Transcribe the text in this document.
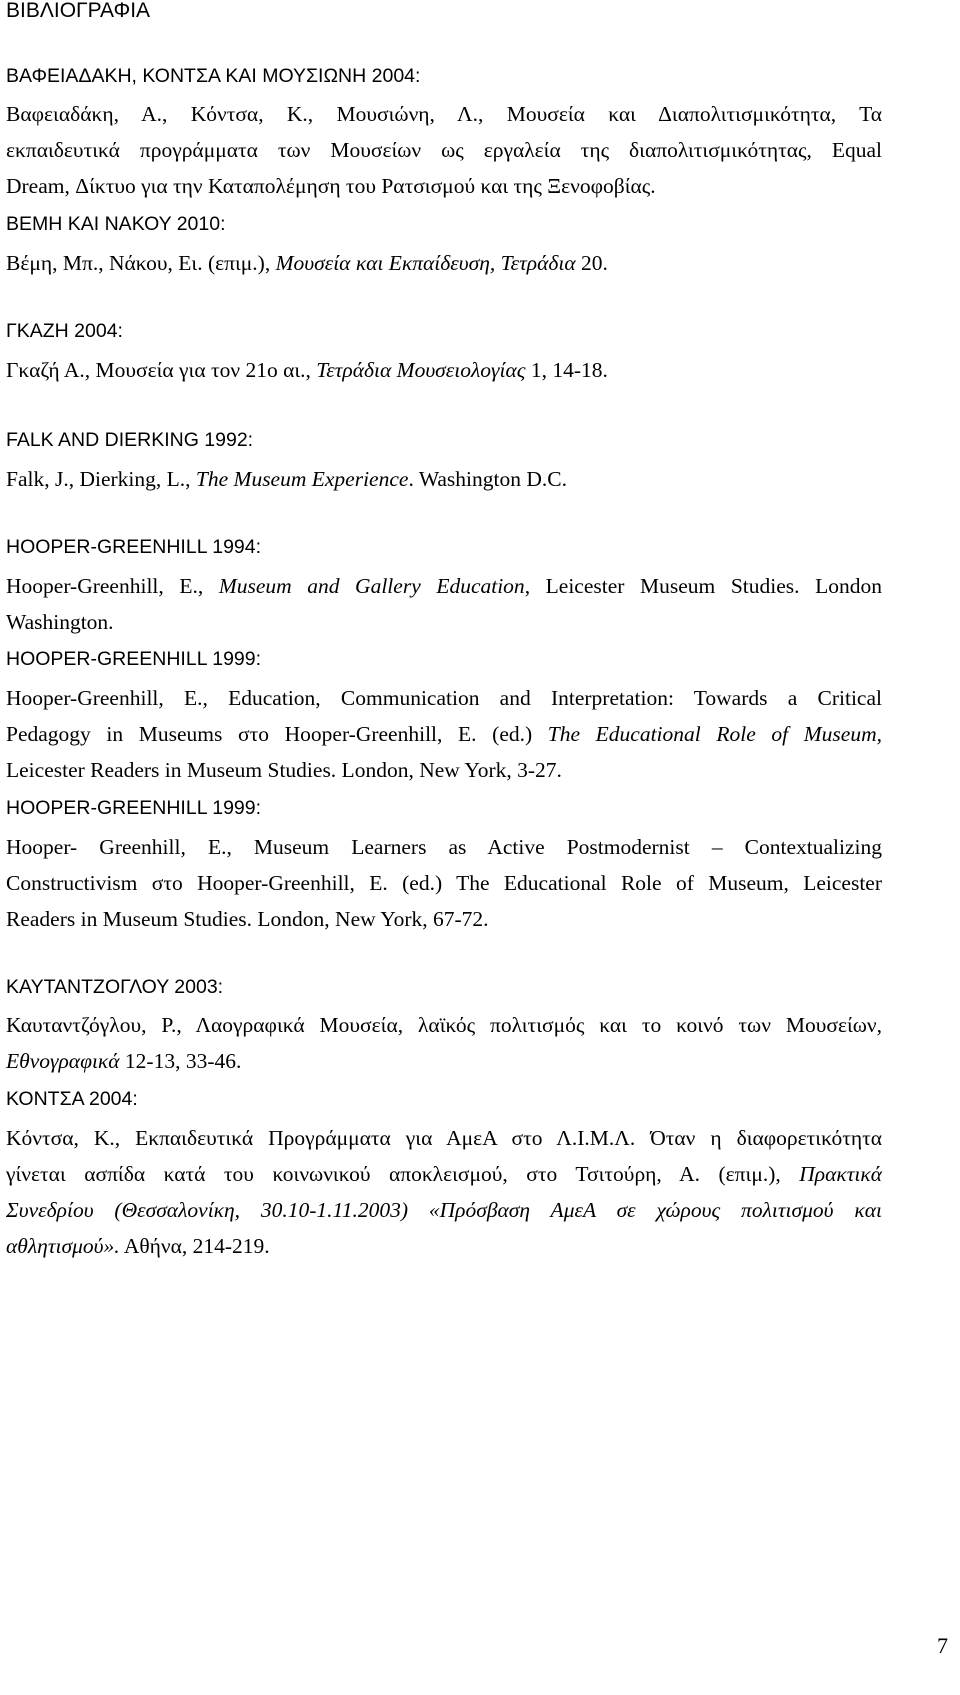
ΒΙΒΛΙΟΓΡΑΦΙΑ
ΒΑΦΕΙΑΔΑΚΗ, ΚΟΝΤΣΑ ΚΑΙ ΜΟΥΣΙΩΝΗ 2004:
Βαφειαδάκη, Α., Κόντσα, Κ., Μουσιώνη, Λ., Μουσεία και Διαπολιτισμικότητα, Τα
εκπαιδευτικά προγράμματα των Μουσείων ως εργαλεία της διαπολιτισμικότητας, Equal
Dream, Δίκτυο για την Καταπολέμηση του Ρατσισμού και της Ξενοφοβίας.
ΒΕΜΗ ΚΑΙ ΝΑΚΟΥ 2010:
Βέμη, Μπ., Νάκου, Ει. (επιμ.), Μουσεία και Εκπαίδευση, Τετράδια 20.
ΓΚΑΖΗ 2004:
Γκαζή Α., Μουσεία για τον 21ο αι., Τετράδια Μουσειολογίας 1, 14-18.
FALK AND DIERKING 1992:
Falk, J., Dierking, L., The Museum Experience. Washington D.C.
HOOPER-GREENHILL 1994:
Hooper-Greenhill, E., Museum and Gallery Education, Leicester Museum Studies. London
Washington.
HOOPER-GREENHILL 1999:
Hooper-Greenhill, E., Education, Communication and Interpretation: Towards a Critical
Pedagogy in Museums στο Hooper-Greenhill, E. (ed.) The Educational Role of Museum,
Leicester Readers in Museum Studies. London, New York, 3-27.
HOOPER-GREENHILL 1999:
Hooper- Greenhill, E., Museum Learners as Active Postmodernist – Contextualizing
Constructivism στο Hooper-Greenhill, E. (ed.) The Educational Role of Museum, Leicester
Readers in Museum Studies. London, New York, 67-72.
ΚΑΥΤΑΝΤΖΟΓΛΟΥ 2003:
Καυταντζόγλου, Ρ., Λαογραφικά Μουσεία, λαϊκός πολιτισμός και το κοινό των Μουσείων,
Εθνογραφικά 12-13, 33-46.
ΚΟΝΤΣΑ 2004:
Κόντσα, Κ., Εκπαιδευτικά Προγράμματα για ΑμεΑ στο Λ.Ι.Μ.Λ. Όταν η διαφορετικότητα
γίνεται ασπίδα κατά του κοινωνικού αποκλεισμού, στο Τσιτούρη, Α. (επιμ.), Πρακτικά
Συνεδρίου (Θεσσαλονίκη, 30.10-1.11.2003) «Πρόσβαση ΑμεΑ σε χώρους πολιτισμού και
αθλητισμού». Αθήνα, 214-219.
7
